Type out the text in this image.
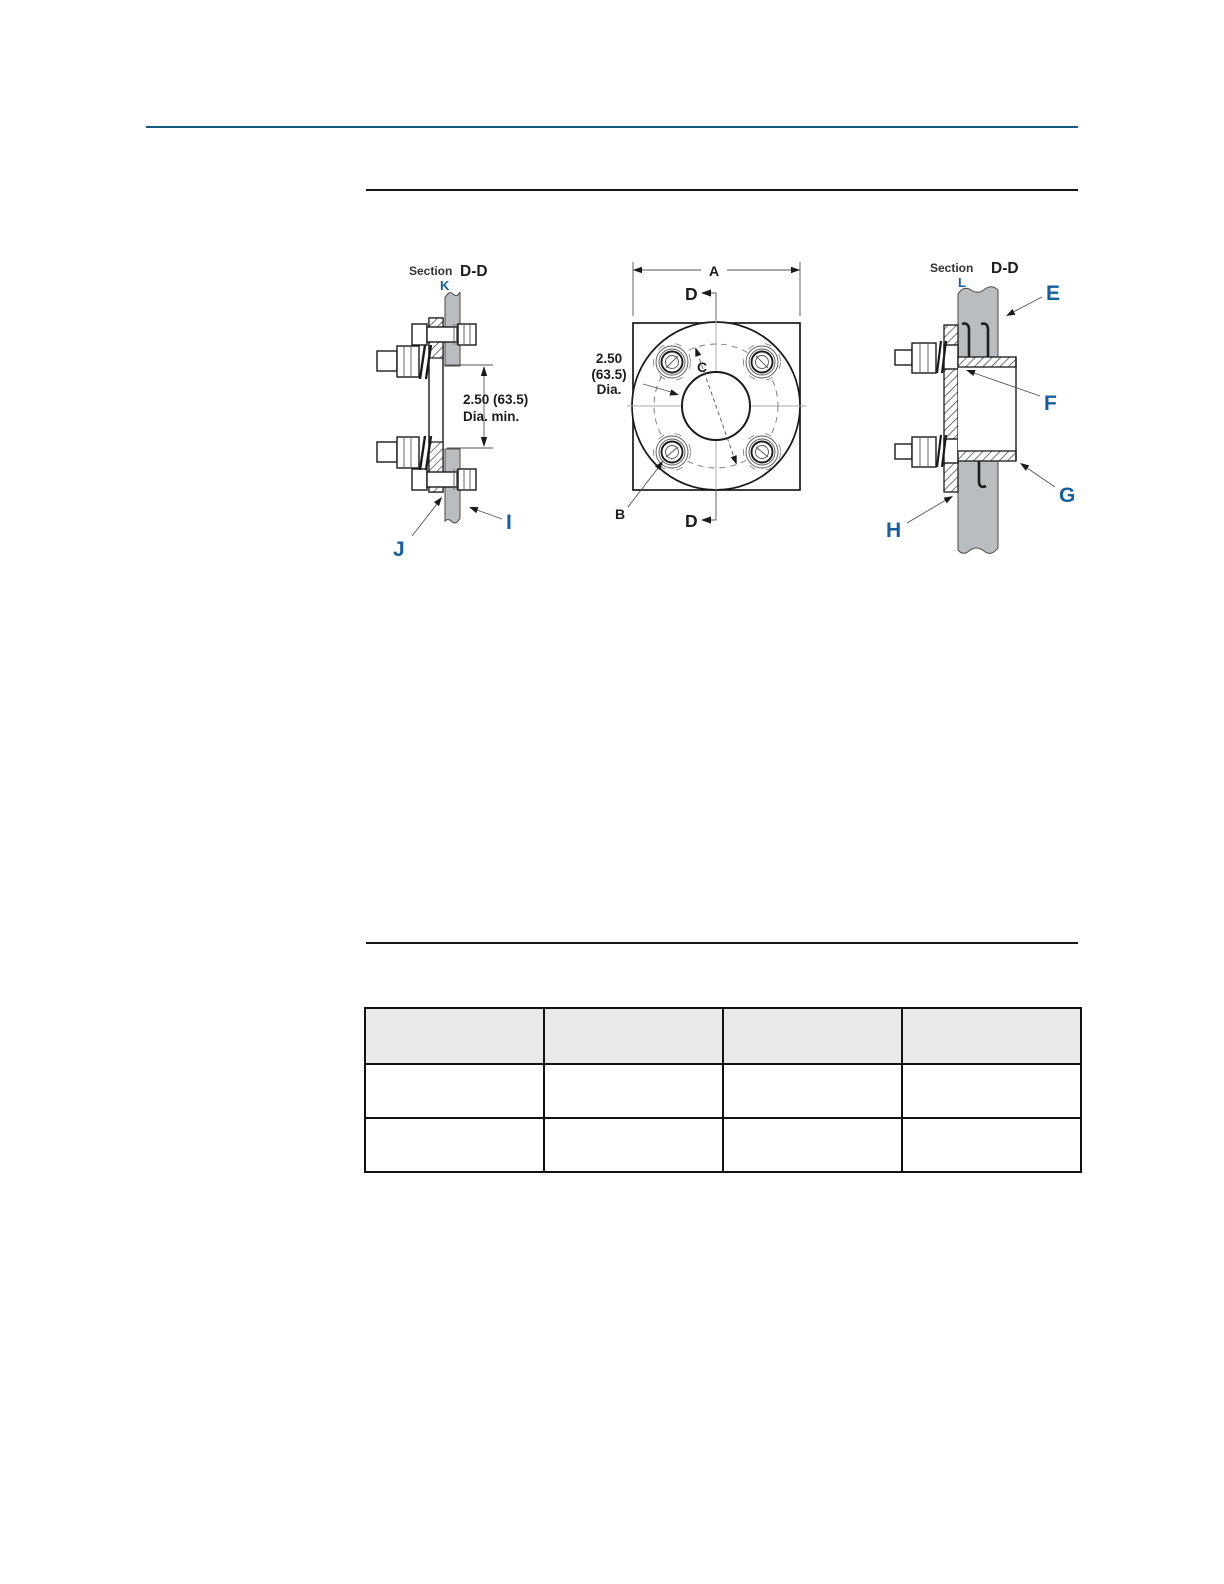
2.50 (63.5)
Dia. min.
Section D-D
K
I
J
A
C
D
D
2.50
(63.5)
Dia.
B
Section D-D
L	E
F
G
H
